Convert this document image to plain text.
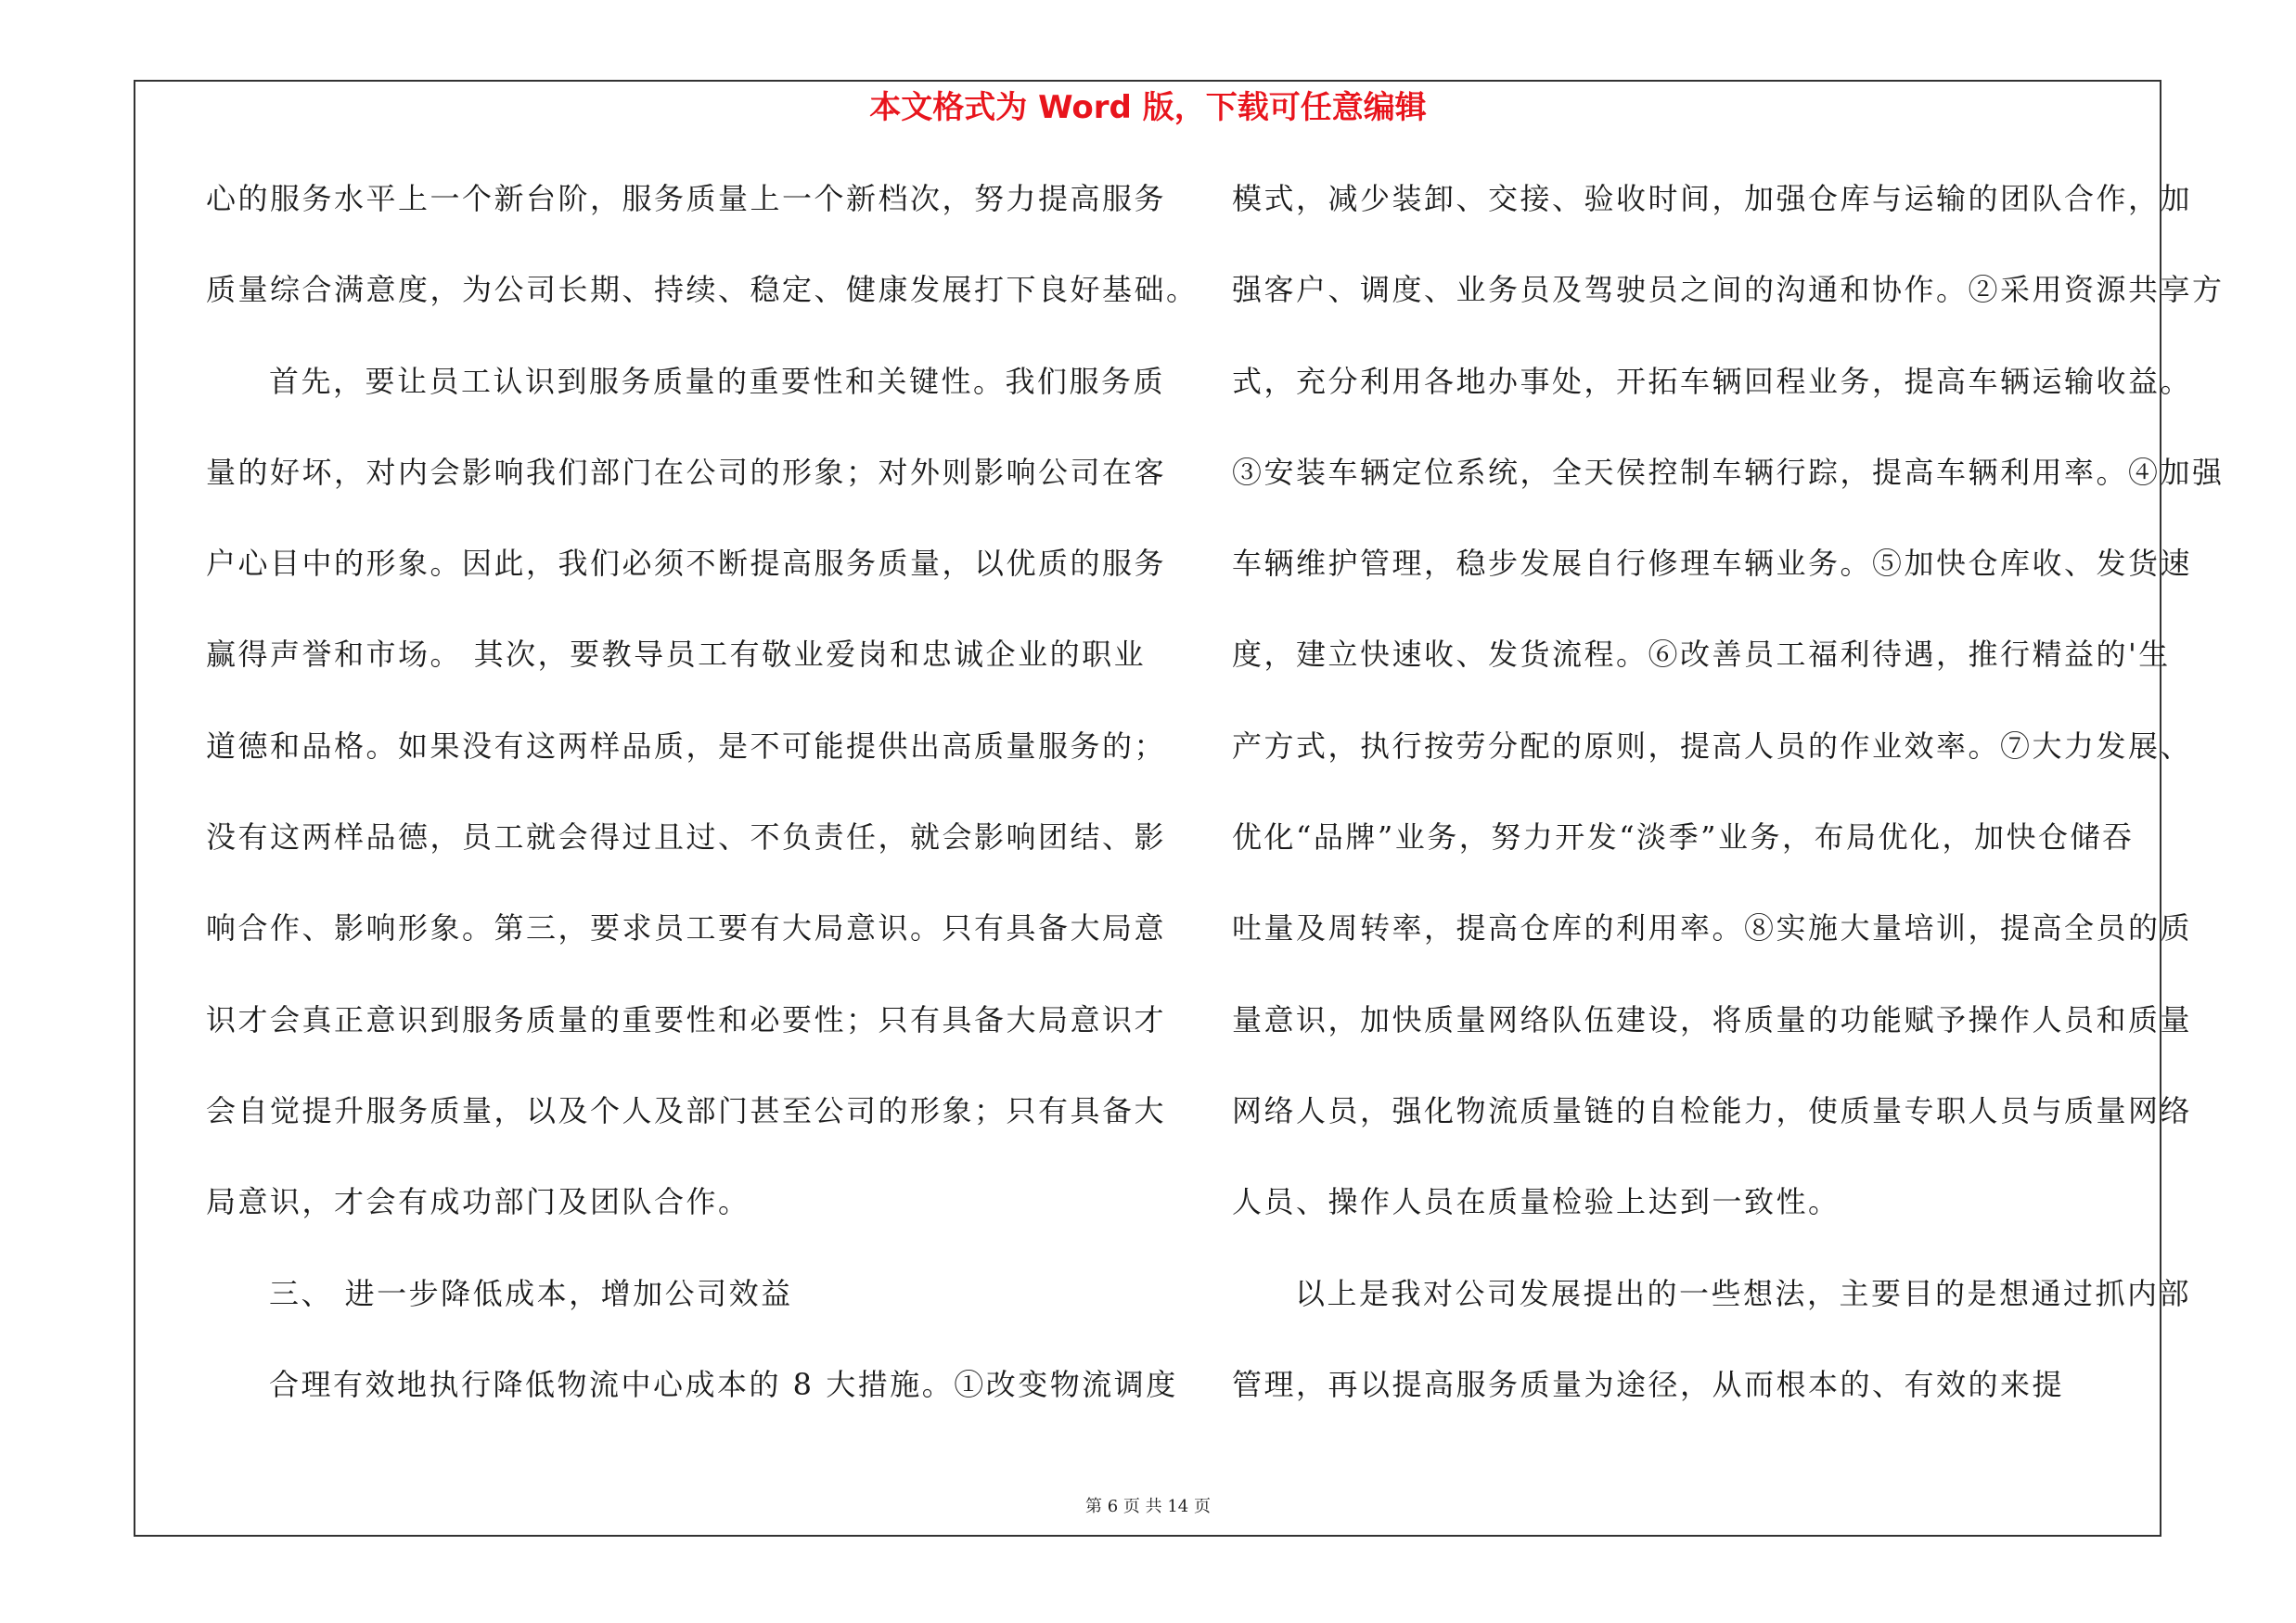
本文格式为 Word 版，下载可任意编辑
心的服务水平上一个新台阶，服务质量上一个新档次，努力提高服务
质量综合满意度，为公司长期、持续、稳定、健康发展打下良好基础。
首先，要让员工认识到服务质量的重要性和关键性。我们服务质
量的好坏，对内会影响我们部门在公司的形象；对外则影响公司在客
户心目中的形象。因此，我们必须不断提高服务质量，以优质的服务
赢得声誉和市场。 其次，要教导员工有敬业爱岗和忠诚企业的职业
道德和品格。如果没有这两样品质，是不可能提供出高质量服务的；
没有这两样品德，员工就会得过且过、不负责任，就会影响团结、影
响合作、影响形象。第三，要求员工要有大局意识。只有具备大局意
识才会真正意识到服务质量的重要性和必要性；只有具备大局意识才
会自觉提升服务质量，以及个人及部门甚至公司的形象；只有具备大
局意识，才会有成功部门及团队合作。
三、 进一步降低成本，增加公司效益
合理有效地执行降低物流中心成本的 8 大措施。①改变物流调度
模式，减少装卸、交接、验收时间，加强仓库与运输的团队合作，加
强客户、调度、业务员及驾驶员之间的沟通和协作。②采用资源共享方
式，充分利用各地办事处，开拓车辆回程业务，提高车辆运输收益。
③安装车辆定位系统，全天侯控制车辆行踪，提高车辆利用率。④加强
车辆维护管理，稳步发展自行修理车辆业务。⑤加快仓库收、发货速
度，建立快速收、发货流程。⑥改善员工福利待遇，推行精益的'生
产方式，执行按劳分配的原则，提高人员的作业效率。⑦大力发展、
优化“品牌”业务，努力开发“淡季”业务，布局优化，加快仓储吞
吐量及周转率，提高仓库的利用率。⑧实施大量培训，提高全员的质
量意识，加快质量网络队伍建设，将质量的功能赋予操作人员和质量
网络人员，强化物流质量链的自检能力，使质量专职人员与质量网络
人员、操作人员在质量检验上达到一致性。
以上是我对公司发展提出的一些想法，主要目的是想通过抓内部
管理，再以提高服务质量为途径，从而根本的、有效的来提
第 6 页 共 14 页
